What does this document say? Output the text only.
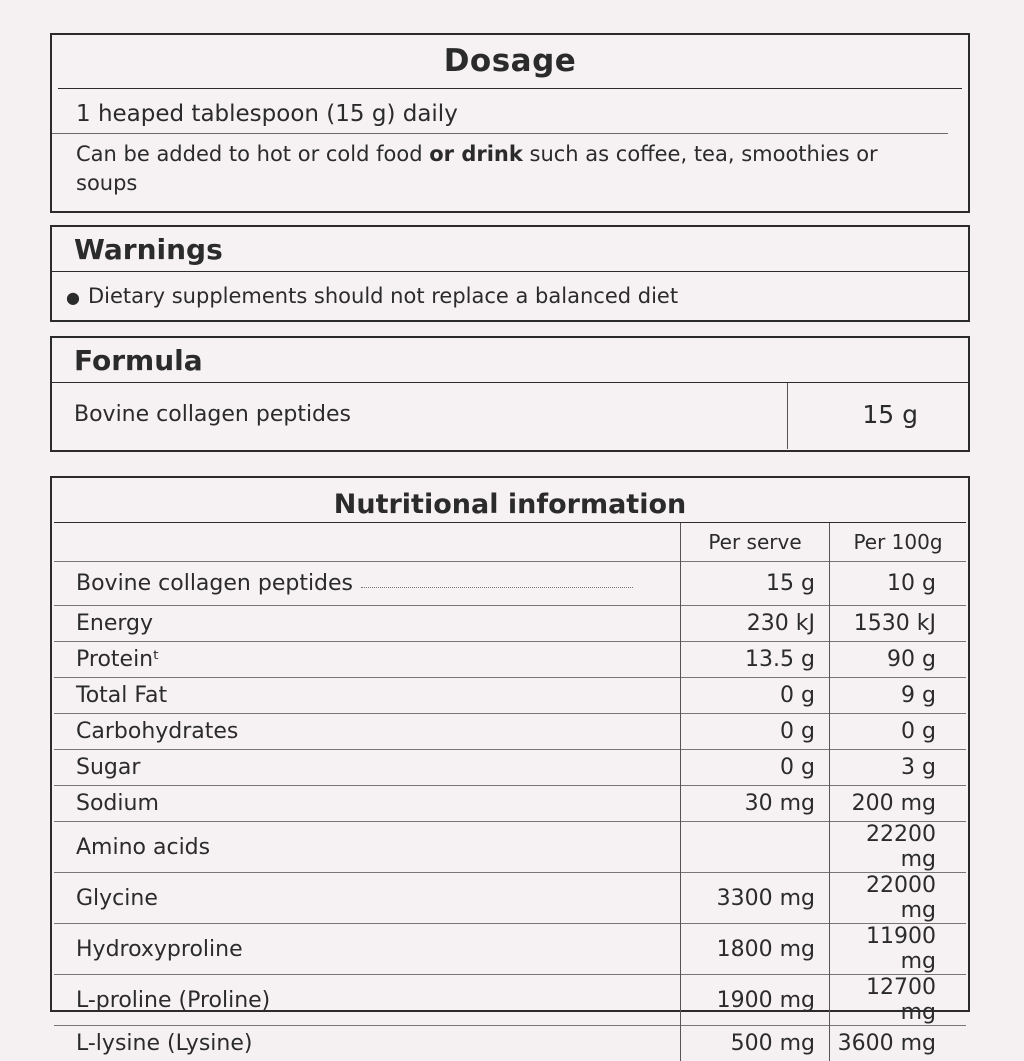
Dosage
1 heaped tablespoon (15 g) daily
Can be added to hot or cold food or drink such as coffee, tea, smoothies or soups
Warnings
● Dietary supplements should not replace a balanced diet
Formula
Bovine collagen peptides	15 g
Nutritional information
	Per serve	Per 100g
Bovine collagen peptides	15 g	10 g
Energy	230 kJ	1530 kJ
Proteinᵗ	13.5 g	90 g
Total Fat	0 g	9 g
Carbohydrates	0 g	0 g
Sugar	0 g	3 g
Sodium	30 mg	200 mg
Amino acids		22200 mg
Glycine	3300 mg	22000 mg
Hydroxyproline	1800 mg	11900 mg
L-proline (Proline)	1900 mg	12700 mg
L-lysine (Lysine)	500 mg	3600 mg
